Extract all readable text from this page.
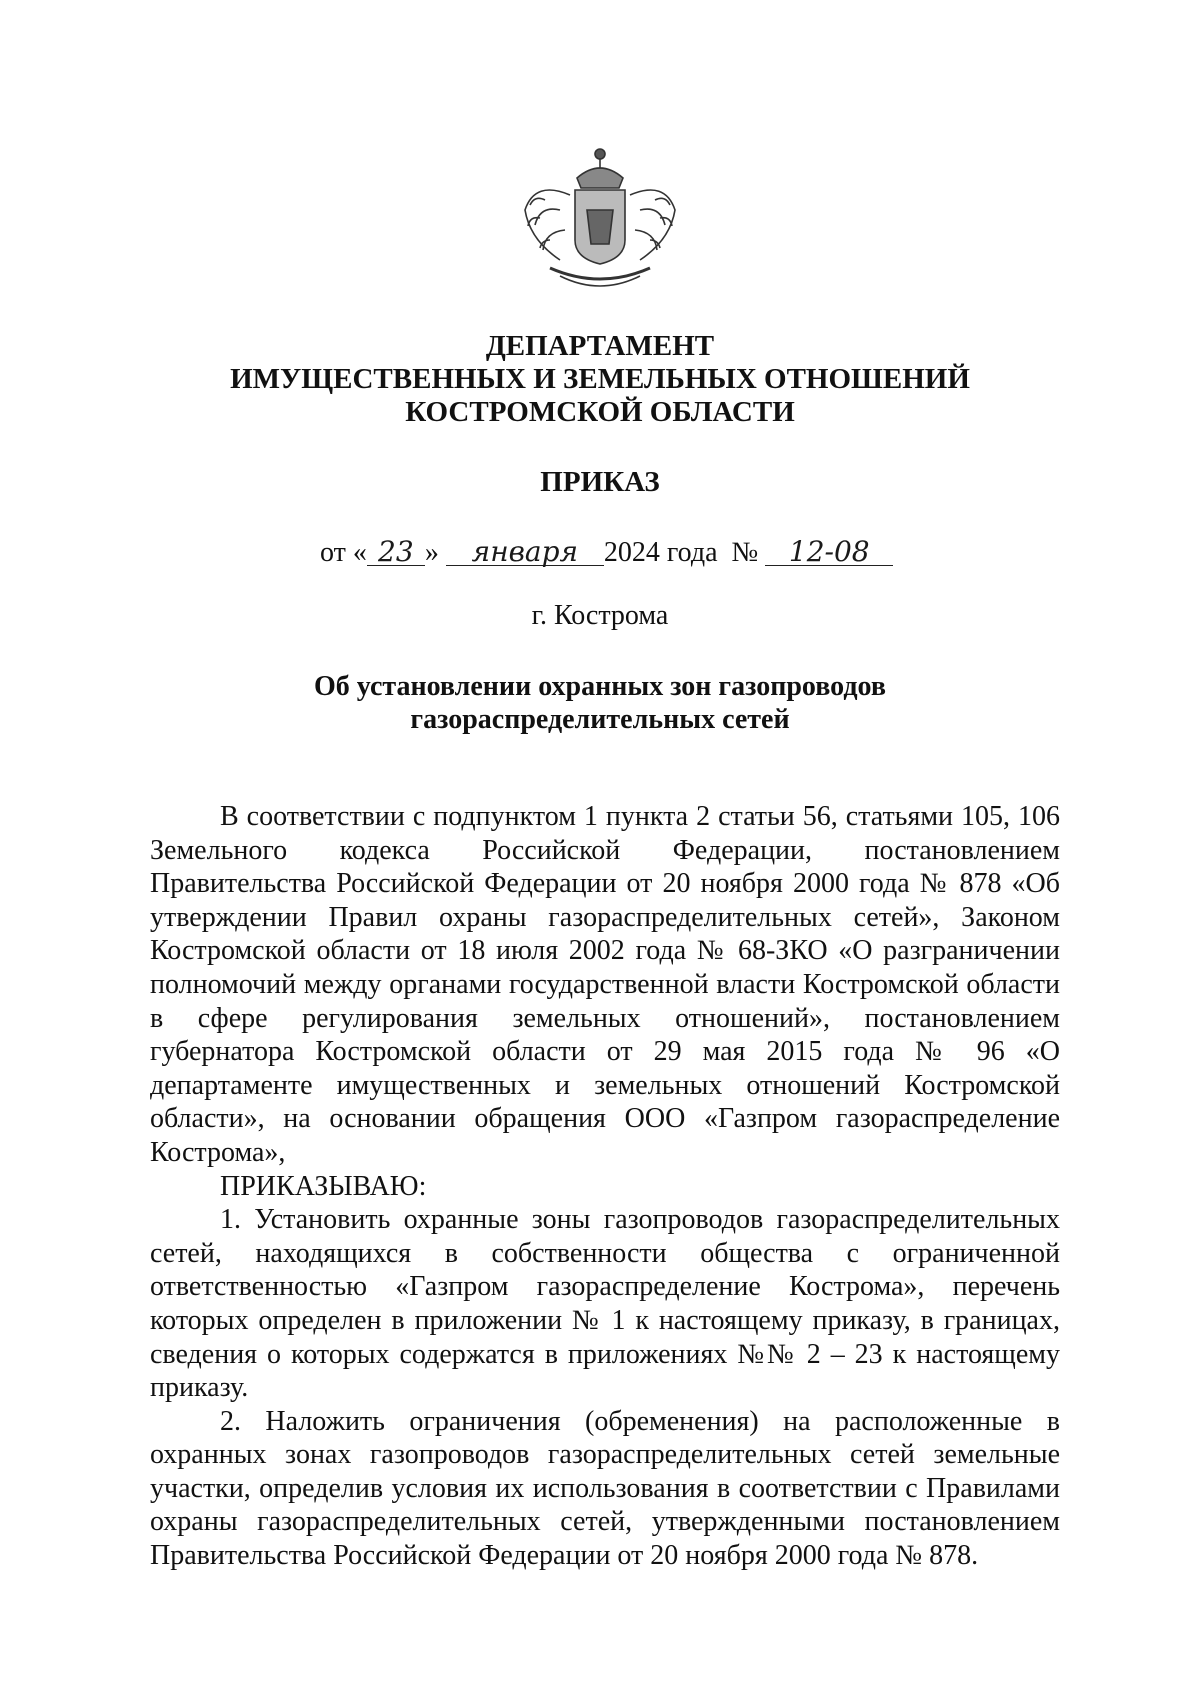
ДЕПАРТАМЕНТ
ИМУЩЕСТВЕННЫХ И ЗЕМЕЛЬНЫХ ОТНОШЕНИЙ
КОСТРОМСКОЙ ОБЛАСТИ
ПРИКАЗ
от « 23 » января 2024 года № 12-08
г. Кострома
Об установлении охранных зон газопроводов
газораспределительных сетей

В соответствии с подпунктом 1 пункта 2 статьи 56, статьями 105, 106 Земельного кодекса Российской Федерации, постановлением Правительства Российской Федерации от 20 ноября 2000 года № 878 «Об утверждении Правил охраны газораспределительных сетей», Законом Костромской области от 18 июля 2002 года № 68-ЗКО «О разграничении полномочий между органами государственной власти Костромской области в сфере регулирования земельных отношений», постановлением губернатора Костромской области от 29 мая 2015 года № 96 «О департаменте имущественных и земельных отношений Костромской области», на основании обращения ООО «Газпром газораспределение Кострома»,

ПРИКАЗЫВАЮ:

1. Установить охранные зоны газопроводов газораспределительных сетей, находящихся в собственности общества с ограниченной ответственностью «Газпром газораспределение Кострома», перечень которых определен в приложении № 1 к настоящему приказу, в границах, сведения о которых содержатся в приложениях №№ 2 – 23 к настоящему приказу.

2. Наложить ограничения (обременения) на расположенные в охранных зонах газопроводов газораспределительных сетей земельные участки, определив условия их использования в соответствии с Правилами охраны газораспределительных сетей, утвержденными постановлением Правительства Российской Федерации от 20 ноября 2000 года № 878.
